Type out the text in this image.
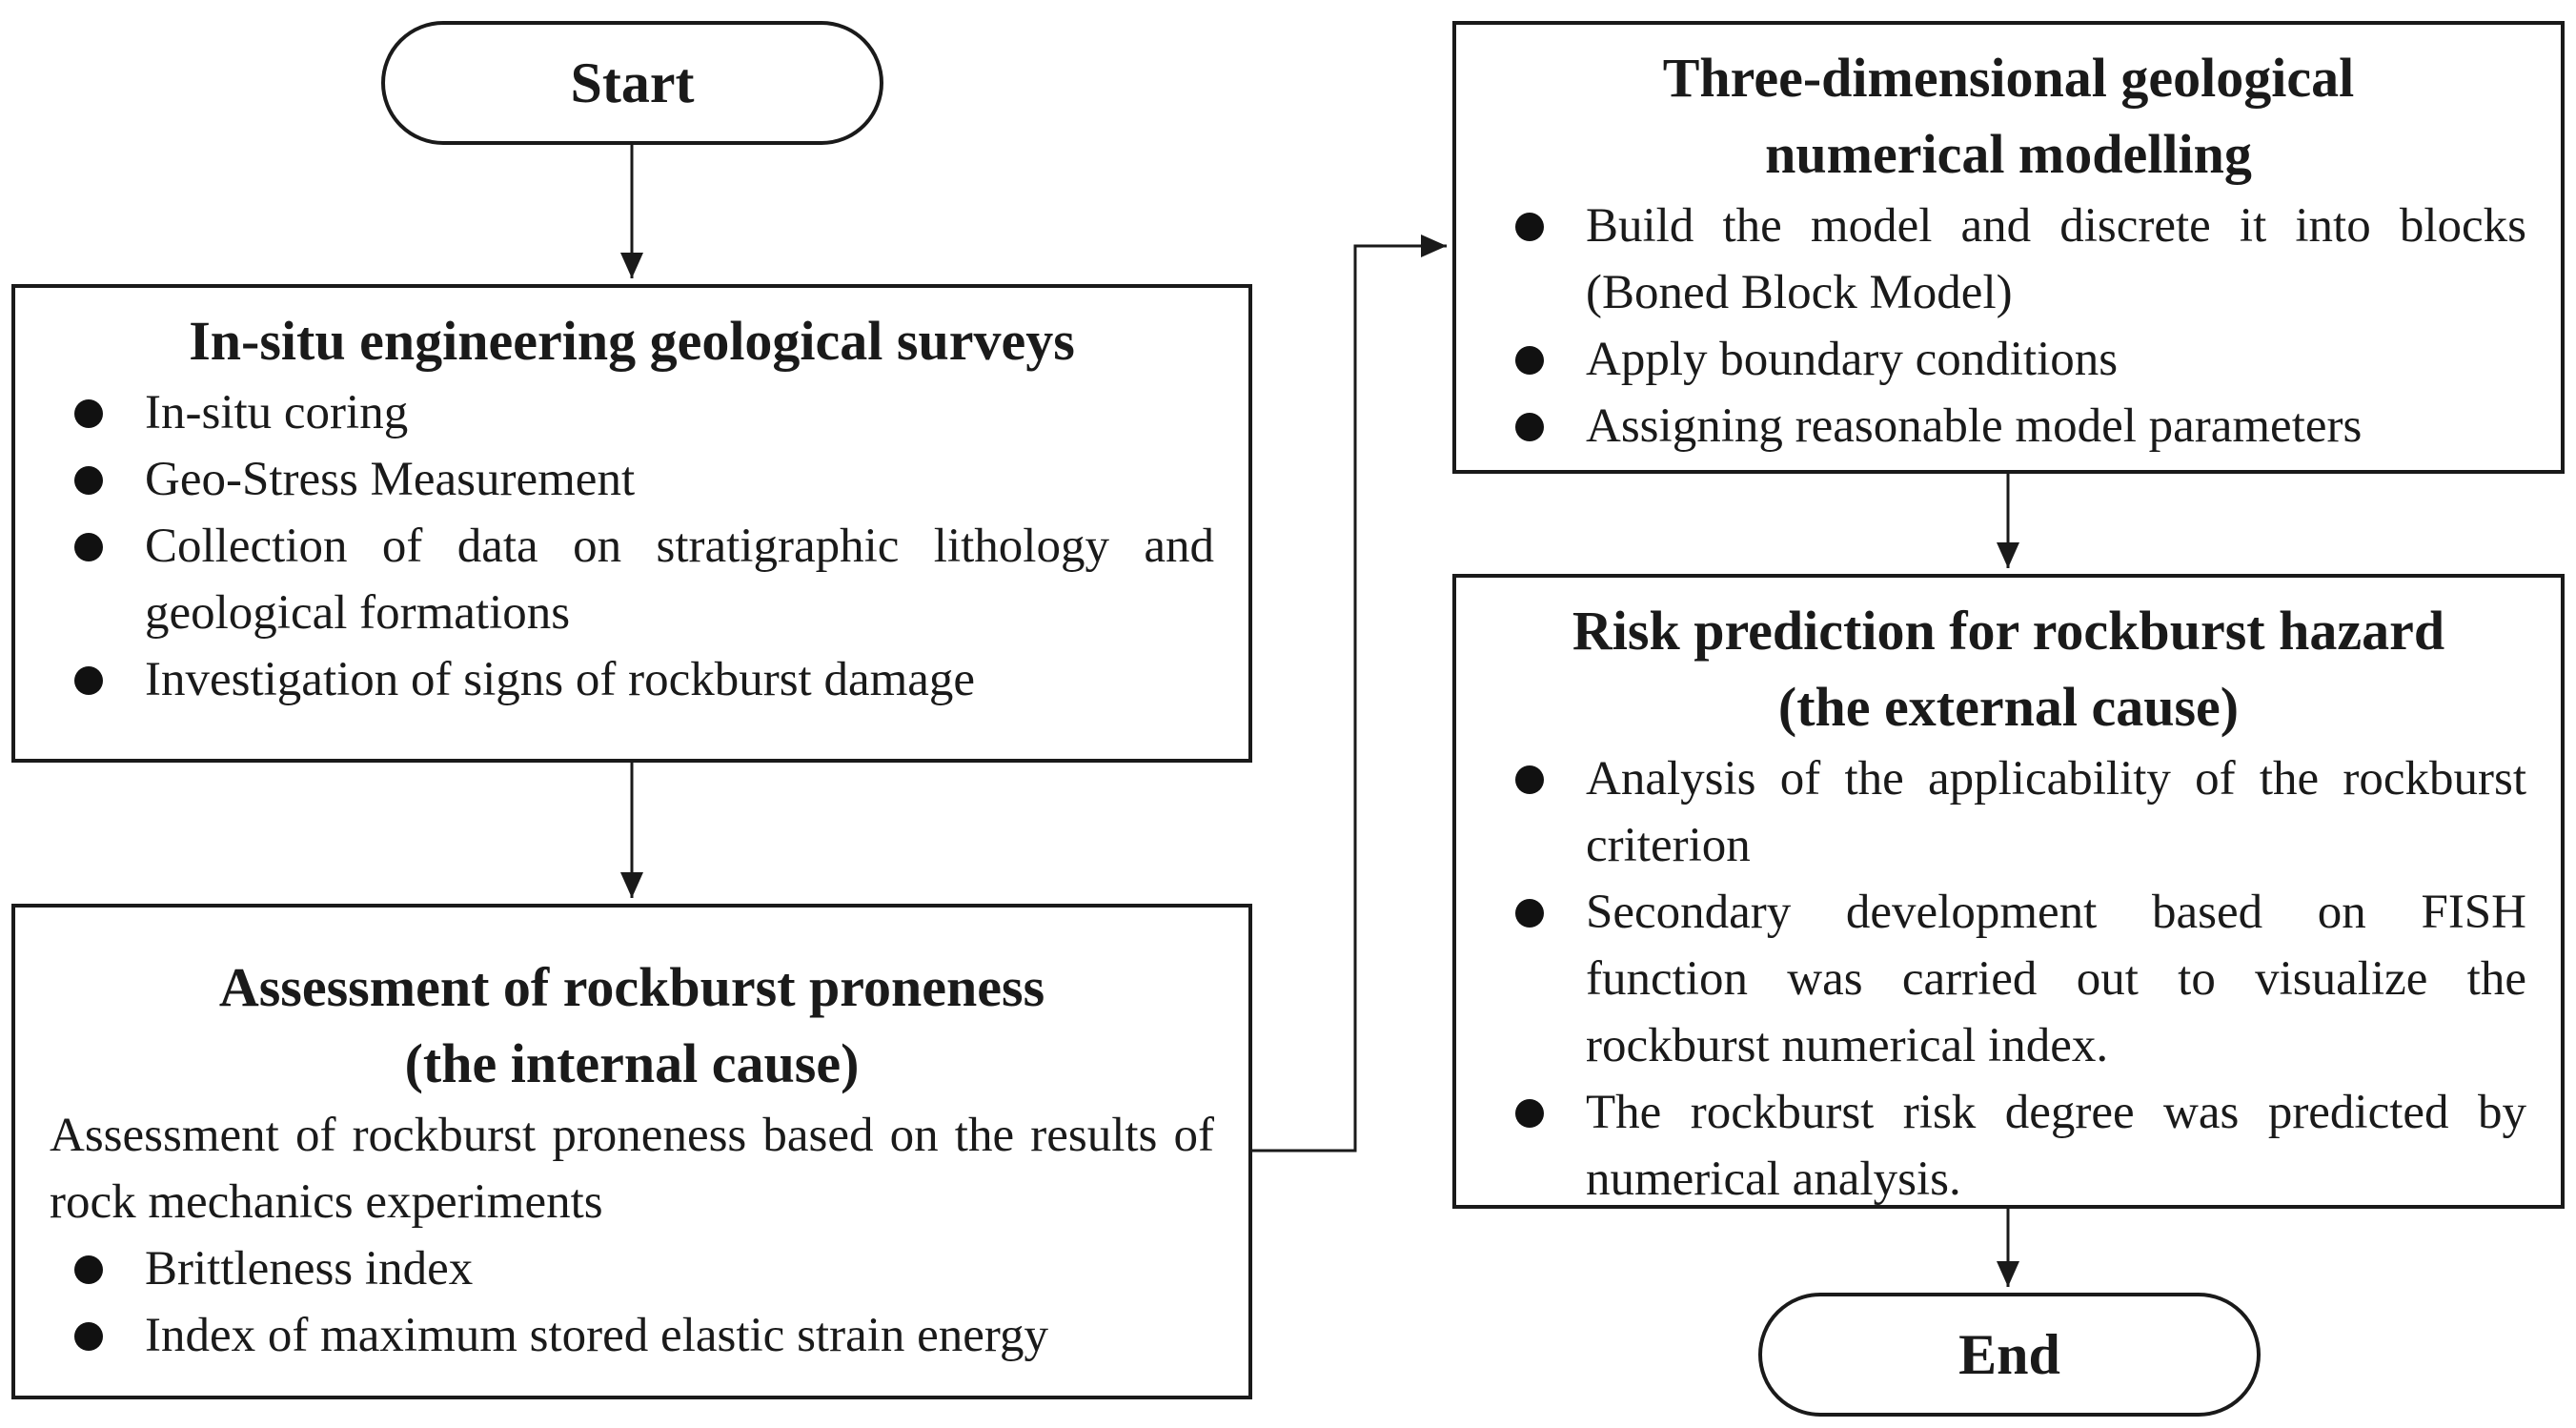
Start
In-situ engineering geological surveys
In-situ coring
Geo-Stress Measurement
Collection of data on stratigraphic lithology and geological formations
Investigation of signs of rockburst damage
Assessment of rockburst proneness
(the internal cause)
Assessment of rockburst proneness based on the results of rock mechanics experiments
Brittleness index
Index of maximum stored elastic strain energy
Three-dimensional geological
numerical modelling
Build the model and discrete it into blocks (Boned Block Model)
Apply boundary conditions
Assigning reasonable model parameters
Risk prediction for rockburst hazard
(the external cause)
Analysis of the applicability of the rockburst criterion
Secondary development based on FISH function was carried out to visualize the rockburst numerical index.
The rockburst risk degree was predicted by numerical analysis.
End
